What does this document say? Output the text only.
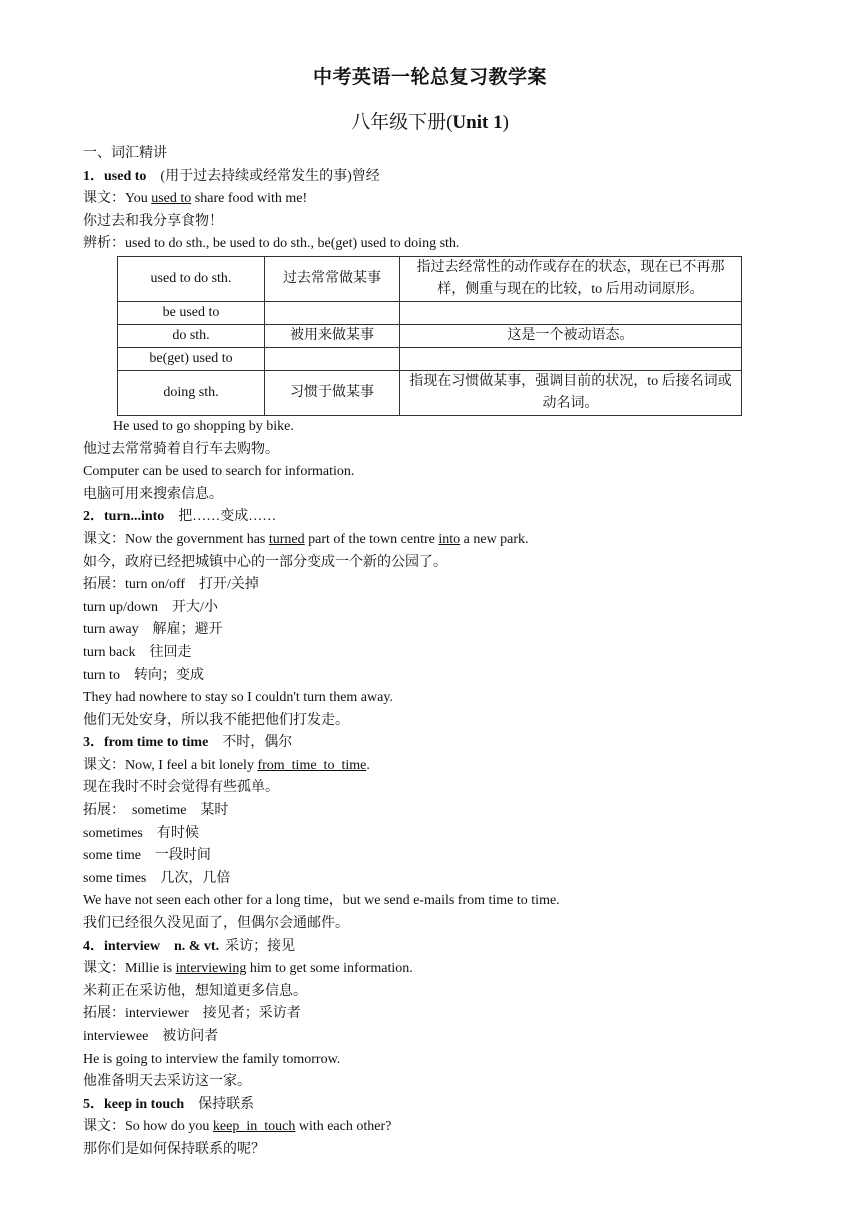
中考英语一轮总复习教学案
八年级下册(Unit 1)
一、词汇精讲
1．used to (用于过去持续或经常发生的事)曾经
课文：You used to share food with me!
你过去和我分享食物！
辨析：used to do sth., be used to do sth., be(get) used to doing sth.
used to do sth.	过去常常做某事	指过去经常性的动作或存在的状态，现在已不再那样，侧重与现在的比较，to 后用动词原形。
be used to		
do sth.	被用来做某事	这是一个被动语态。
be(get) used to		
doing sth.	习惯于做某事	指现在习惯做某事，强调目前的状况，to 后接名词或动名词。
He used to go shopping by bike.
他过去常常骑着自行车去购物。
Computer can be used to search for information.
电脑可用来搜索信息。
2．turn...into 把……变成……
课文：Now the government has turned part of the town centre into a new park.
如今，政府已经把城镇中心的一部分变成一个新的公园了。
拓展：turn on/off    打开/关掉
turn up/down    开大/小
turn away    解雇；避开
turn back    往回走
turn to    转向；变成
They had nowhere to stay so I couldn't turn them away.
他们无处安身，所以我不能把他们打发走。
3．from time to time 不时，偶尔
课文：Now, I feel a bit lonely from  time  to  time.
现在我时不时会觉得有些孤单。
拓展：  sometime    某时
sometimes    有时候
some time    一段时间
some times    几次，几倍
We have not seen each other for a long time，but we send e-mails from time to time.
我们已经很久没见面了，但偶尔会通邮件。
4．interview    n. & vt. 采访；接见
课文：Millie is interviewing him to get some information.
米莉正在采访他，想知道更多信息。
拓展：interviewer    接见者；采访者
interviewee    被访问者
He is going to interview the family tomorrow.
他准备明天去采访这一家。
5．keep in touch 保持联系
课文：So how do you keep  in  touch with each other?
那你们是如何保持联系的呢？
